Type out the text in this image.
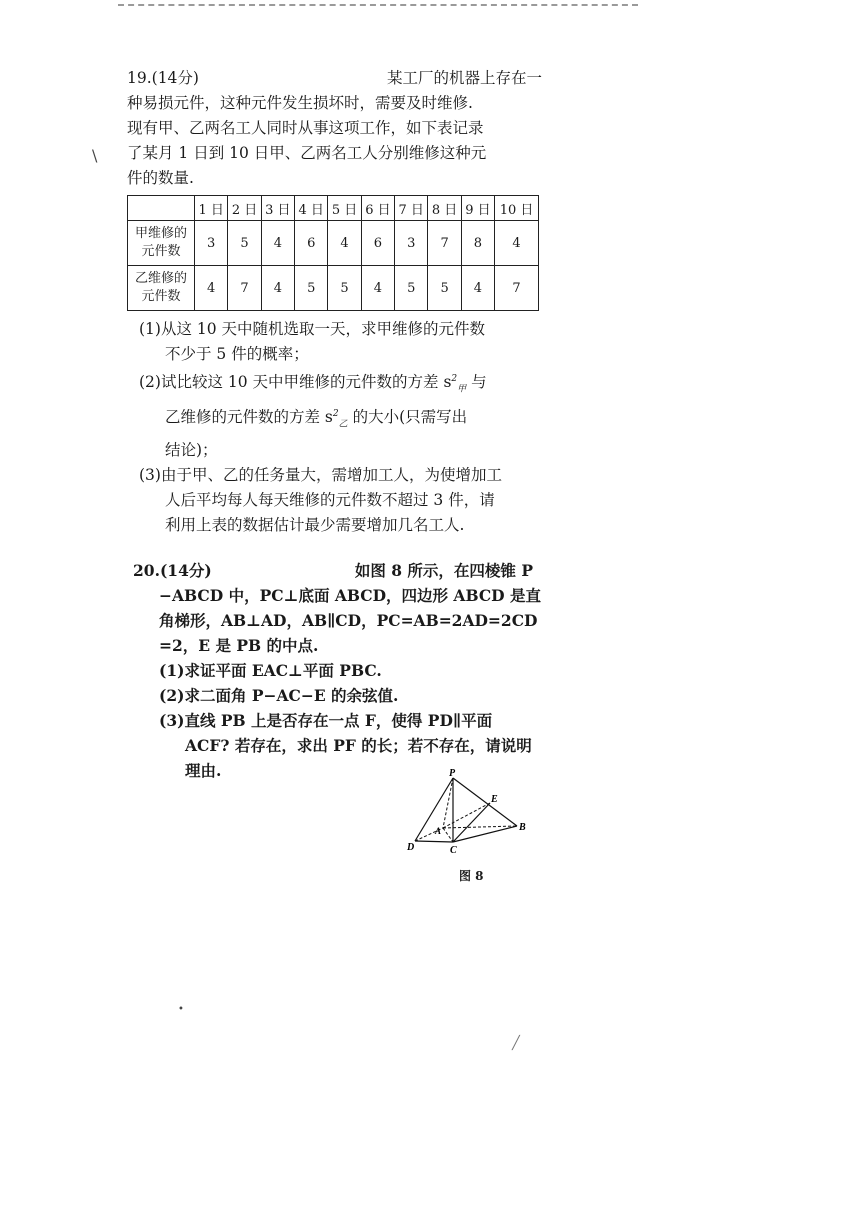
\
19.(14分)	某工厂的机器上存在一
种易损元件，这种元件发生损坏时，需要及时维修.
现有甲、乙两名工人同时从事这项工作，如下表记录
了某月 1 日到 10 日甲、乙两名工人分别维修这种元
件的数量.
	1 日	2 日	3 日	4 日	5 日	6 日	7 日	8 日	9 日	10 日

甲维修的
元件数	3	5	4	6	4	6	3	7	8	4

乙维修的
元件数	4	7	4	5	5	4	5	5	4	7
(1)从这 10 天中随机选取一天，求甲维修的元件数
不少于 5 件的概率；
(2)试比较这 10 天中甲维修的元件数的方差 $s^2_甲$ 与
乙维修的元件数的方差 $s^2_乙$ 的大小(只需写出
结论)；
(3)由于甲、乙的任务量大，需增加工人，为使增加工
人后平均每人每天维修的元件数不超过 3 件，请
利用上表的数据估计最少需要增加几名工人.
20.(14分)	如图 8 所示，在四棱锥 P
−ABCD 中，PC⊥底面 ABCD，四边形 ABCD 是直
角梯形，AB⊥AD，AB∥CD，PC=AB=2AD=2CD
=2，E 是 PB 的中点.
(1)求证平面 EAC⊥平面 PBC.
(2)求二面角 P−AC−E 的余弦值.
(3)直线 PB 上是否存在一点 F，使得 PD∥平面
ACF? 若存在，求出 PF 的长；若不存在，请说明
理由.	P
E
A	B
D	C
图 8
•
╱
